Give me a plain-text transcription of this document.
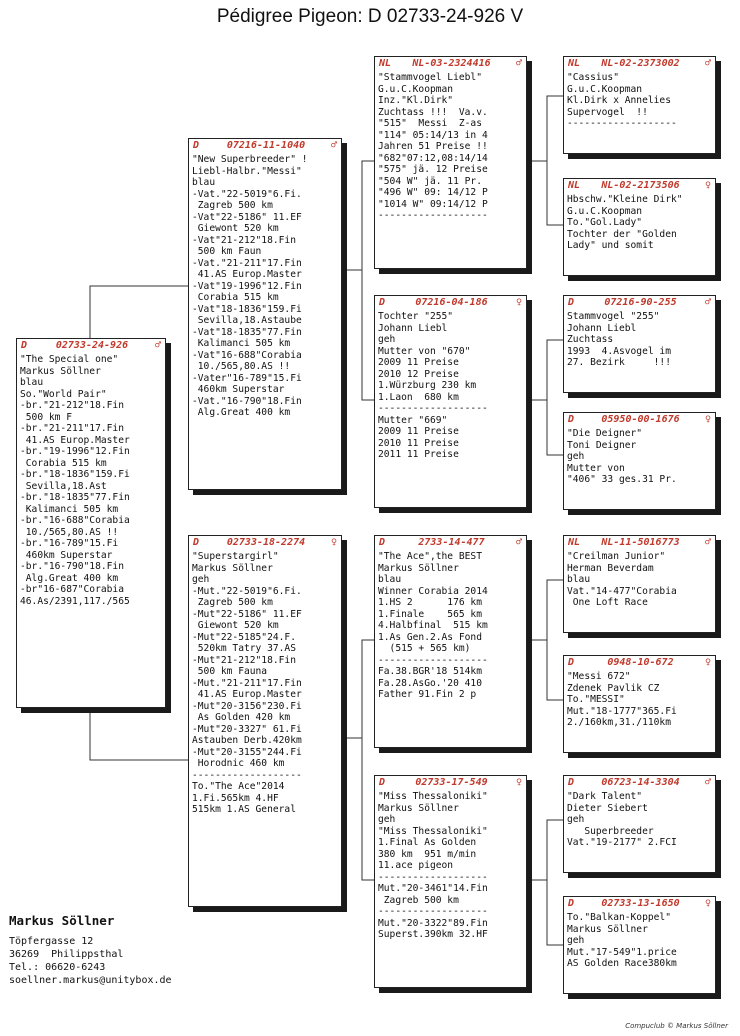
Pédigree Pigeon: D 02733-24-926 V
D	02733-24-926	♂
"The Special one"
Markus Söllner
blau
So."World Pair"
-br."21-212"18.Fin
500 km F
-br."21-211"17.Fin
41.AS Europ.Master
-br."19-1996"12.Fin
Corabia 515 km
-br."18-1836"159.Fi
Sevilla,18.Ast
-br."18-1835"77.Fin
Kalimanci 505 km
-br."16-688"Corabia
10./565,80.AS !!
-br."16-789"15.Fi
460km Superstar
-br."16-790"18.Fin
Alg.Great 400 km
-br"16-687"Corabia
46.As/2391,117./565
D	07216-11-1040	♂
"New Superbreeder" !
Liebl-Halbr."Messi"
blau
-Vat."22-5019"6.Fi.
Zagreb 500 km
-Vat"22-5186" 11.EF
Giewont 520 km
-Vat"21-212"18.Fin
500 km Faun
-Vat."21-211"17.Fin
41.AS Europ.Master
-Vat"19-1996"12.Fin
Corabia 515 km
-Vat"18-1836"159.Fi
Sevilla,18.Astaube
-Vat"18-1835"77.Fin
Kalimanci 505 km
-Vat"16-688"Corabia
10./565,80.AS !!
-Vater"16-789"15.Fi
460km Superstar
-Vat."16-790"18.Fin
Alg.Great 400 km
D	02733-18-2274	♀
"Superstargirl"
Markus Söllner
geh
-Mut."22-5019"6.Fi.
Zagreb 500 km
-Mut"22-5186" 11.EF
Giewont 520 km
-Mut"22-5185"24.F.
520km Tatry 37.AS
-Mut"21-212"18.Fin
500 km Fauna
-Mut."21-211"17.Fin
41.AS Europ.Master
-Mut"20-3156"230.Fi
As Golden 420 km
-Mut"20-3327" 61.Fi
Astauben Derb.420km
-Mut"20-3155"244.Fi
Horodnic 460 km
-------------------
To."The Ace"2014
1.Fi.565km 4.HF
515km 1.AS General
NL	NL-03-2324416	♂
"Stammvogel Liebl"
G.u.C.Koopman
Inz."Kl.Dirk"
Zuchtass !!!  Va.v.
"515"  Messi  Z-as
"114" 05:14/13 in 4
Jahren 51 Preise !!
"682"07:12,08:14/14
"575" jä. 12 Preise
"504 W" jä. 11 Pr.
"496 W" 09: 14/12 P
"1014 W" 09:14/12 P
-------------------
D	07216-04-186	♀
Tochter "255"
Johann Liebl
geh
Mutter von "670"
2009 11 Preise
2010 12 Preise
1.Würzburg 230 km
1.Laon  680 km
-------------------
Mutter "669"
2009 11 Preise
2010 11 Preise
2011 11 Preise
D	2733-14-477	♂
"The Ace",the BEST
Markus Söllner
blau
Winner Corabia 2014
1.HS 2      176 km
1.Finale    565 km
4.Halbfinal  515 km
1.As Gen.2.As Fond
(515 + 565 km)
-------------------
Fa.38.BGR'18 514km
Fa.28.AsGo.'20 410
Father 91.Fin 2 p
D	02733-17-549	♀
"Miss Thessaloniki"
Markus Söllner
geh
"Miss Thessaloniki"
1.Final As Golden
380 km  951 m/min
11.ace pigeon
-------------------
Mut."20-3461"14.Fin
Zagreb 500 km
-------------------
Mut."20-3322"89.Fin
Superst.390km 32.HF
NL	NL-02-2373002	♂
"Cassius"
G.u.C.Koopman
Kl.Dirk x Annelies
Supervogel  !!
-------------------
NL	NL-02-2173506	♀
Hbschw."Kleine Dirk"
G.u.C.Koopman
To."Gol.Lady"
Tochter der "Golden
Lady" und somit
D	07216-90-255	♂
Stammvogel "255"
Johann Liebl
Zuchtass
1993  4.Asvogel im
27. Bezirk     !!!
D	05950-00-1676	♀
"Die Deigner"
Toni Deigner
geh
Mutter von
"406" 33 ges.31 Pr.
NL	NL-11-5016773	♂
"Creilman Junior"
Herman Beverdam
blau
Vat."14-477"Corabia
One Loft Race
D	0948-10-672	♀
"Messi 672"
Zdenek Pavlik CZ
To."MESSI"
Mut."18-1777"365.Fi
2./160km,31./110km
D	06723-14-3304	♂
"Dark Talent"
Dieter Siebert
geh
Superbreeder
Vat."19-2177" 2.FCI
D	02733-13-1650	♀
To."Balkan-Koppel"
Markus Söllner
geh
Mut."17-549"1.price
AS Golden Race380km
Markus Söllner
Töpfergasse 12
36269  Philippsthal
Tel.: 06620-6243
soellner.markus@unitybox.de
Compuclub © Markus Söllner
